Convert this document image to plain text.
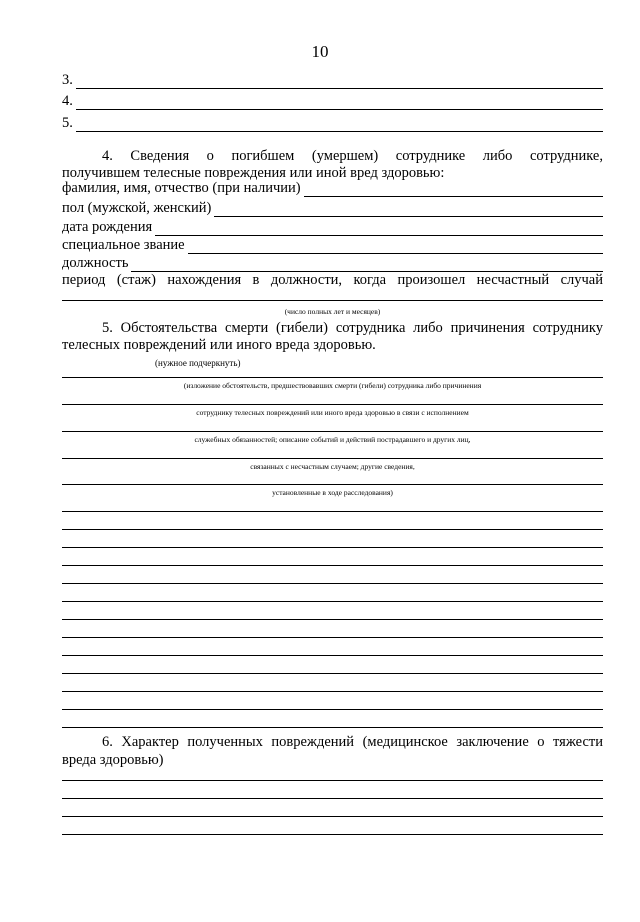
10
3.
4.
5.
4. Сведения о погибшем (умершем) сотруднике либо сотруднике,
получившем телесные повреждения или иной вред здоровью:
фамилия, имя, отчество (при наличии)
пол (мужской, женский)
дата рождения
специальное звание
должность
период (стаж) нахождения в должности, когда произошел несчастный случай
(число полных лет и месяцев)
5. Обстоятельства смерти (гибели) сотрудника либо причинения сотруднику
телесных повреждений или иного вреда здоровью.
(нужное подчеркнуть)
(изложение обстоятельств, предшествовавших смерти (гибели) сотрудника либо причинения
сотруднику телесных повреждений или иного вреда здоровью в связи с исполнением
служебных обязанностей; описание событий и действий пострадавшего и других лиц,
связанных с несчастным случаем; другие сведения,
установленные в ходе расследования)
6. Характер полученных повреждений (медицинское заключение о тяжести
вреда здоровью)
